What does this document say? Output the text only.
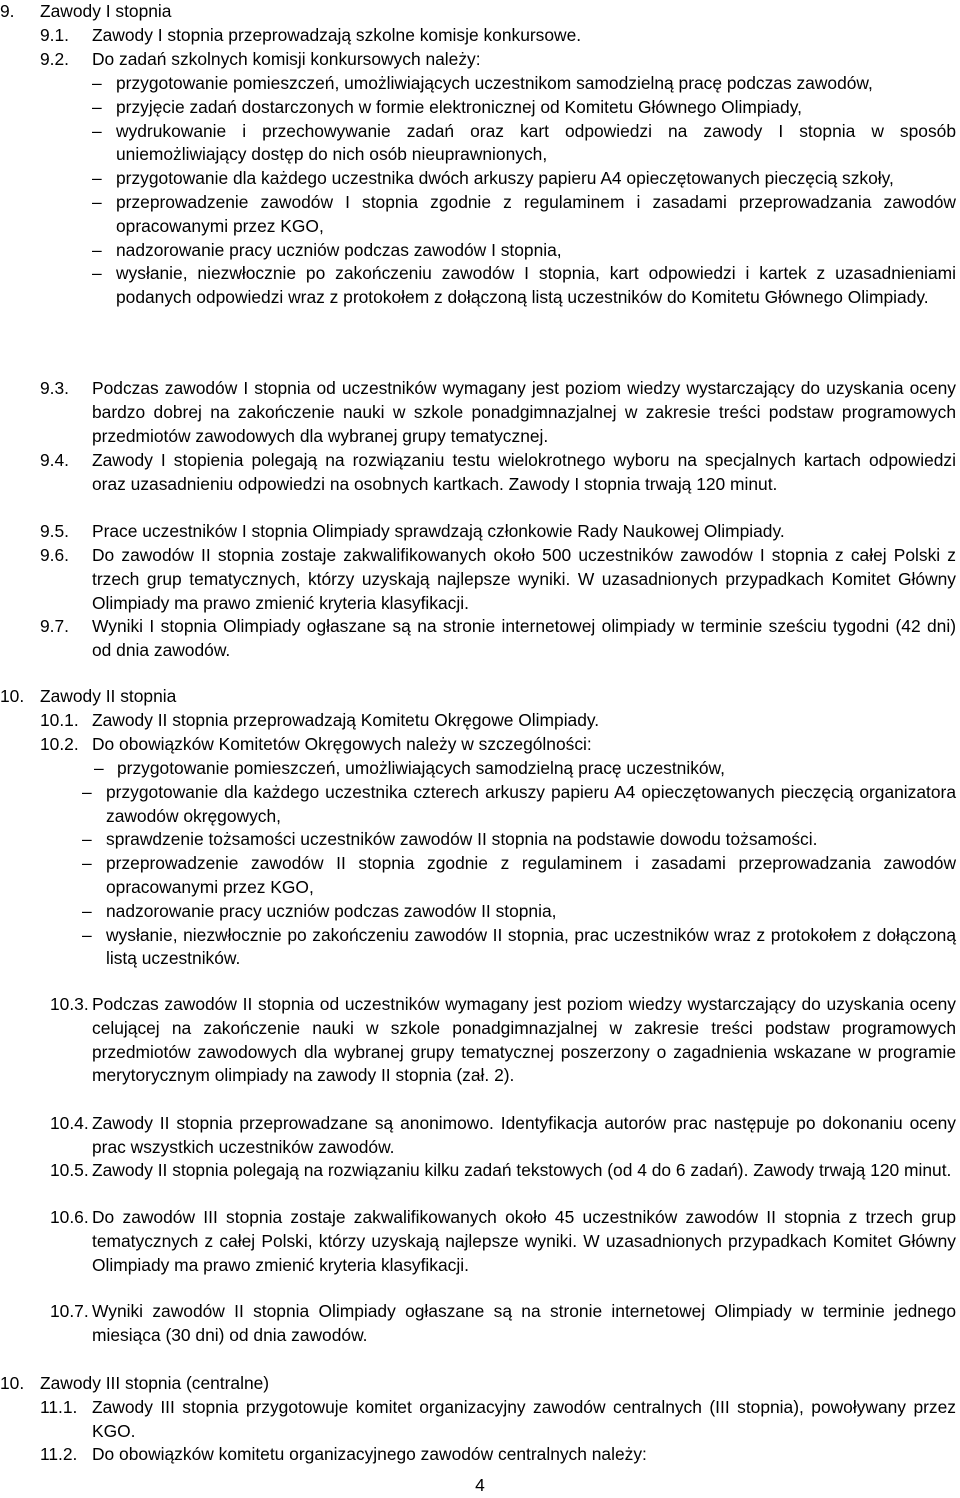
9. Zawody I stopnia
9.1. Zawody I stopnia przeprowadzają szkolne komisje konkursowe.
9.2. Do zadań szkolnych komisji konkursowych należy:
– przygotowanie pomieszczeń, umożliwiających uczestnikom samodzielną pracę podczas zawodów,
– przyjęcie zadań dostarczonych w formie elektronicznej od Komitetu Głównego Olimpiady,
– wydrukowanie i przechowywanie zadań oraz kart odpowiedzi na zawody I stopnia w sposób uniemożliwiający dostęp do nich osób nieuprawnionych,
– przygotowanie dla każdego uczestnika dwóch arkuszy papieru A4 opieczętowanych pieczęcią szkoły,
– przeprowadzenie zawodów I stopnia zgodnie z regulaminem i zasadami przeprowadzania zawodów opracowanymi przez KGO,
– nadzorowanie pracy uczniów podczas zawodów I stopnia,
– wysłanie, niezwłocznie po zakończeniu zawodów I stopnia, kart odpowiedzi i kartek z uzasadnieniami podanych odpowiedzi wraz z protokołem z dołączoną listą uczestników do Komitetu Głównego Olimpiady.
9.3. Podczas zawodów I stopnia od uczestników wymagany jest poziom wiedzy wystarczający do uzyskania oceny bardzo dobrej na zakończenie nauki w szkole ponadgimnazjalnej w zakresie treści podstaw programowych przedmiotów zawodowych dla wybranej grupy tematycznej.
9.4. Zawody I stopienia polegają na rozwiązaniu testu wielokrotnego wyboru na specjalnych kartach odpowiedzi oraz uzasadnieniu odpowiedzi na osobnych kartkach. Zawody I stopnia trwają 120 minut.
9.5. Prace uczestników I stopnia Olimpiady sprawdzają członkowie Rady Naukowej Olimpiady.
9.6. Do zawodów II stopnia zostaje zakwalifikowanych około 500 uczestników zawodów I stopnia z całej Polski z trzech grup tematycznych, którzy uzyskają najlepsze wyniki. W uzasadnionych przypadkach Komitet Główny Olimpiady ma prawo zmienić kryteria klasyfikacji.
9.7. Wyniki I stopnia Olimpiady ogłaszane są na stronie internetowej olimpiady w terminie sześciu tygodni (42 dni) od dnia zawodów.
10. Zawody II stopnia
10.1. Zawody II stopnia przeprowadzają Komitetu Okręgowe Olimpiady.
10.2. Do obowiązków Komitetów Okręgowych należy w szczególności:
– przygotowanie pomieszczeń, umożliwiających samodzielną pracę uczestników,
– przygotowanie dla każdego uczestnika czterech arkuszy papieru A4 opieczętowanych pieczęcią organizatora zawodów okręgowych,
– sprawdzenie tożsamości uczestników zawodów II stopnia na podstawie dowodu tożsamości.
– przeprowadzenie zawodów II stopnia zgodnie z regulaminem i zasadami przeprowadzania zawodów opracowanymi przez KGO,
– nadzorowanie pracy uczniów podczas zawodów II stopnia,
– wysłanie, niezwłocznie po zakończeniu zawodów II stopnia, prac uczestników wraz z protokołem z dołączoną listą uczestników.
10.3. Podczas zawodów II stopnia od uczestników wymagany jest poziom wiedzy wystarczający do uzyskania oceny celującej na zakończenie nauki w szkole ponadgimnazjalnej w zakresie treści podstaw programowych przedmiotów zawodowych dla wybranej grupy tematycznej poszerzony o zagadnienia wskazane w programie merytorycznym olimpiady na zawody II stopnia (zał. 2).
10.4. Zawody II stopnia przeprowadzane są anonimowo. Identyfikacja autorów prac następuje po dokonaniu oceny prac wszystkich uczestników zawodów.
10.5. Zawody II stopnia polegają na rozwiązaniu kilku zadań tekstowych (od 4 do 6 zadań). Zawody trwają 120 minut.
10.6. Do zawodów III stopnia zostaje zakwalifikowanych około 45 uczestników zawodów II stopnia z trzech grup tematycznych z całej Polski, którzy uzyskają najlepsze wyniki. W uzasadnionych przypadkach Komitet Główny Olimpiady ma prawo zmienić kryteria klasyfikacji.
10.7. Wyniki zawodów II stopnia Olimpiady ogłaszane są na stronie internetowej Olimpiady w terminie jednego miesiąca (30 dni) od dnia zawodów.
10. Zawody III stopnia (centralne)
11.1. Zawody III stopnia przygotowuje komitet organizacyjny zawodów centralnych (III stopnia), powoływany przez KGO.
11.2. Do obowiązków komitetu organizacyjnego zawodów centralnych należy:
4
